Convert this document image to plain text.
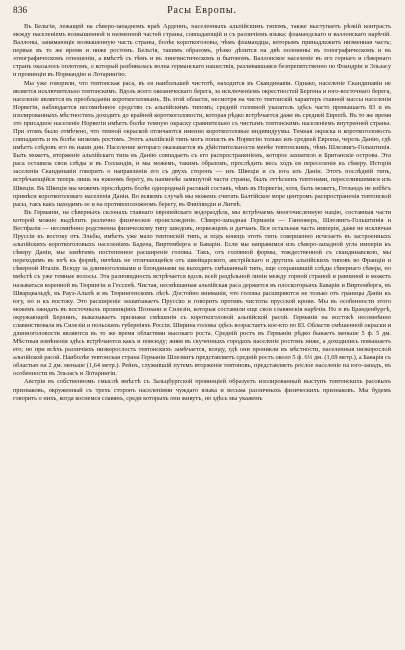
836	Расы Европы.

Въ Бельгіи, лежащей на сѣверо-западномъ краѣ Арденнъ, населенныхъ альпійскимъ типомъ, также выступаетъ рѣзкій контрастъ между населеніемъ возвышенной и низменной частей страны, совпадающій и съ различіемъ языка: фламандскаго и валлонскаго нарѣчій. Валлоны, занимающіе возвышенную часть страны, болѣе короткоголовы, чѣмъ фламандцы, которымъ принадлежитъ низменная часть; первые въ то же время и ниже ростомъ. Бельгія, такимъ образомъ, рѣзко дѣлится на двѣ половины въ топографическомъ и въ этнографическомъ отношеніи, а вмѣстѣ съ тѣмъ и въ лингвистическомъ и бытовомъ. Валлонское населеніе въ его горнаго и сѣвернаго странъ оказалось оплотомъ, о который разбивалась волна германскаго нашествія, разливавшаяся безпрепятственно по Фландріи и Эльзасу и провинціи въ Нормандію и Лотарингію.

Мы уже говорили, что тевтонская раса, въ ея наибольшей чистотѣ, находится въ Скандинавіи. Однако, населеніе Скандинавіи не является исключительно тевтонскимъ. Вдоль всего океаническаго берега, за исключеніемъ окрестностей Бергена и юго-восточнаго берега, населеніе является въ преобладаніи короткоголовымъ. Въ этой области, несмотря на чисто тевтонскій характеръ главной массы населенія Норвегіи, наблюдается несомнѣнное сродство съ альпійскимъ типомъ; средній головной указатель здѣсь часто превышаетъ 83 и въ изолированныхъ мѣстностяхъ доходитъ до крайней короткоголовости, которая рѣдко встрѣчается даже въ средней Европѣ. Въ то же время это присадное населеніе Норвегіи имѣетъ болѣе темную окраску сравнительно съ чистымъ тевтонскимъ населеніемъ внутренней страны. При этомъ было отмѣчено, что темной окраской отличаются именно короткоголовые индивидуумы. Темная окраска и короткоголовость совпадаютъ и въ болѣе низкомъ ростомъ. Этотъ альпійскій типъ могъ попасть въ Норвегію только изъ средней Европы, черезъ Данію, гдѣ имѣетъ слѣдовъ его въ наши дни. Население котораго оказывается въ дѣйствительности менѣе тевтонскимъ, чѣмъ Шлезвигъ-Гольштинія. Быть можетъ, вторженіе альпійскаго типа въ Данію совпадаетъ съ его распространеніемъ, которое захватило и Британскіе острова. Эта раса оставила свои слѣды и въ Голландіи, и мы можемъ, такимъ образомъ, прослѣдить весь ходъ ея переселенія къ сѣверу. Исторія заселенія Скандинавіи говоритъ о направленіи его съ двухъ сторонъ — изъ Швеціи и съ юга изъ Даніи. Этотъ послѣдній типъ, встрѣчающійся теперь лишь на южномъ берегу, въ наименѣе замкнутой части страны, былъ оттѣсненъ тевтонами, переселившимися изъ Швеціи. Въ Швеціи мы можемъ прослѣдить болѣе однородный расовый составъ, чѣмъ въ Норвегіи, хотя, быть можетъ, Готландъ не избѣгъ примѣси короткоголоваго населенія Даніи. Во всякомъ случаѣ мы можемъ считать Балтійское море центромъ распространенія тевтонской расы, такъ какъ находимъ ее и на противоположномъ берегу, въ Финляндіи и Литвѣ.

Въ Германіи, на сѣверныхъ склонахъ главнаго европейскаго водораздѣла, мы встрѣчаемъ многочисленную націю, составныя части которой можно выдѣлить различно физическое происхожденіе. Сѣверо-западная Германія — Ганноверъ, Шлезвигъ-Гольштинія и Вестфалія — несомнѣнно родственна физическому типу шведовъ, норвежцевъ и датчанъ. Вся остальная часть имперіи, даже не исключая Пруссіи къ востоку отъ Эльбы, имѣетъ уже мало тевтонскій типъ, и подъ конецъ этотъ типъ совершенно исчезаетъ въ застроенныхъ альпійскихъ короткоголовыхъ населеніяхъ Бадена, Виртемберга и Баваріи. Если мы направимся изъ сѣверо-западной угла имперіи къ сѣверу Даніи, мы замѣтимъ постепенное расширеніе головы. Такъ, отъ головной формы, тождественной съ скандинавскою, мы переходимъ въ югѣ къ формѣ, ничѣмъ не отличающейся отъ швейцарского, австрійскаго и другихъ альпійскихъ типовъ во Франціи и сѣверной Италіи. Всюду за длинноголовыми и блондинами на выходитъ смѣшанный типъ, еще сохранившій слѣды сѣвернаго сѣвера, но вмѣстѣ съ уже темные волосы. Эта разновидность встрѣчается вдоль всей раздѣльной линіи между горной страной и равниной и можетъ называться коренной въ Тюрингіи и Гессенѣ. Чистая, несмѣшанная альпійская раса держится въ плоскогорьяхъ Баваріи и Виртемберга, въ Шварцвальдѣ, въ Рауэ-Альпѣ и въ Тюрингенскомъ лѣсѣ. Достойно вниманія, что головы расширяются не только отъ границы Даніи къ югу, но и къ востоку. Это расширеніе захватываетъ Пруссію и говоритъ противъ чистоты прусской крови. Мы въ особенности этого можемъ ожидать въ восточныхъ провинціяхъ Познани и Силезіи, которыя составили еще свои славянскія нарѣчія. Но и въ Бранденбургѣ, окружающей Берлинъ, выказываетъ признаки смѣшенія съ короткоголовой альпійской расой. Германія на востокѣ несомнѣнно славянствовала въ Силезіи и польскихъ губерніяхъ Россіи. Ширина головы здѣсь возрастаетъ кое-кто по 83. Области смѣшенной окраски и длинноголовости являются въ то же время областями высокаго роста. Средній ростъ въ Германіи рѣдко бываетъ меньше 5 ф. 5 дм. Мѣстныя измѣненія здѣсь встрѣчаются какъ и повсюду; живя въ скученныхъ городахъ населеніе ростомъ ниже, а доходились повышаетъ его; но при всѣхъ различіяхъ низкорослость тевтонскихъ замѣчается, всюду, гдѣ они проникли въ мѣстности, населенныя низкорослой альпійской расой. Наиболѣе тевтонская страна Германіи Шлезвигъ представляетъ средній ростъ около 5 ф. 6⅓ дм. (1,69 метр.), а Баварія съ областью на 2 дм. меньше (1,64 метр.). Рейнъ, служившій путемъ вторженія тевтоновъ, представляетъ рослое населеніе на юго-западъ, въ особенности въ Эльзасъ и Лотарингіи.

Австрія въ собственномъ смыслѣ вмѣстѣ съ Зальцбургской провинціей образуетъ изолированный выступъ тевтонскихъ расовыхъ признаковъ, окруженный съ трехъ сторонъ населеніями чуждаго языка и весьма различныхъ физическихъ признаковъ. Мы будемъ говорить о нихъ, когда коснемся славянъ, среди которыхъ они живутъ, но здѣсь мы укажемъ
